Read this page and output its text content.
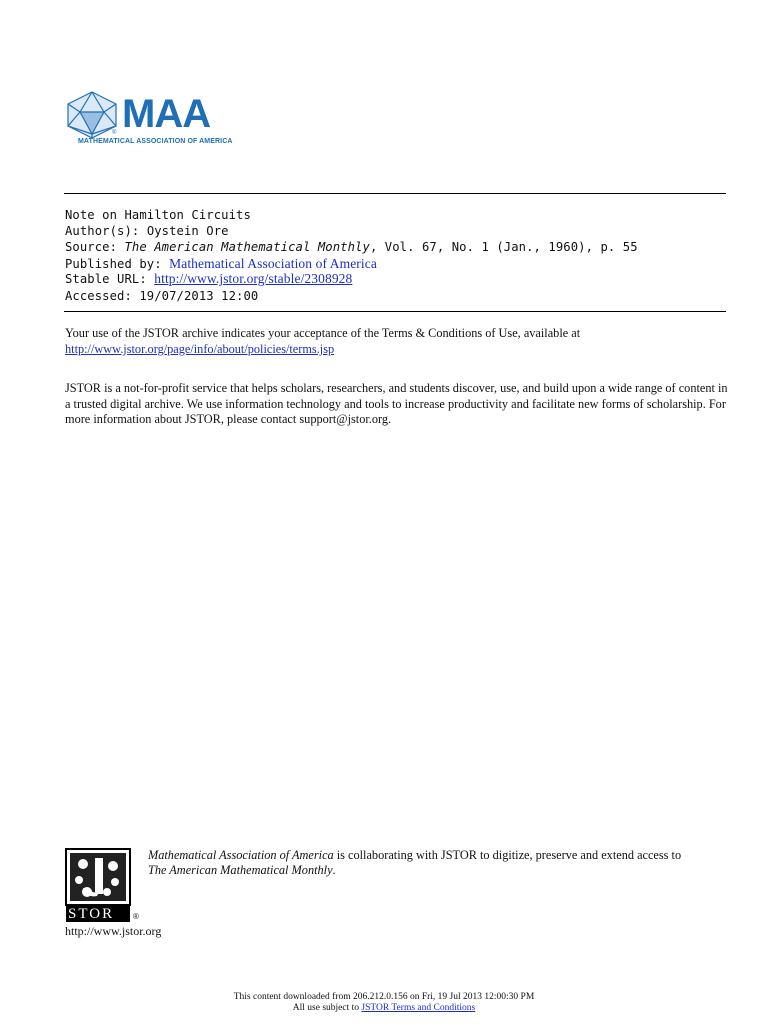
® MAA
MATHEMATICAL ASSOCIATION OF AMERICA
Note on Hamilton Circuits
Author(s): Oystein Ore
Source: The American Mathematical Monthly, Vol. 67, No. 1 (Jan., 1960), p. 55
Published by: Mathematical Association of America
Stable URL: http://www.jstor.org/stable/2308928
Accessed: 19/07/2013 12:00
Your use of the JSTOR archive indicates your acceptance of the Terms & Conditions of Use, available at
http://www.jstor.org/page/info/about/policies/terms.jsp
JSTOR is a not-for-profit service that helps scholars, researchers, and students discover, use, and build upon a wide range of content in a trusted digital archive. We use information technology and tools to increase productivity and facilitate new forms of scholarship. For more information about JSTOR, please contact support@jstor.org.
STOR ®
Mathematical Association of America is collaborating with JSTOR to digitize, preserve and extend access to
The American Mathematical Monthly.
http://www.jstor.org
This content downloaded from 206.212.0.156 on Fri, 19 Jul 2013 12:00:30 PM
All use subject to JSTOR Terms and Conditions
